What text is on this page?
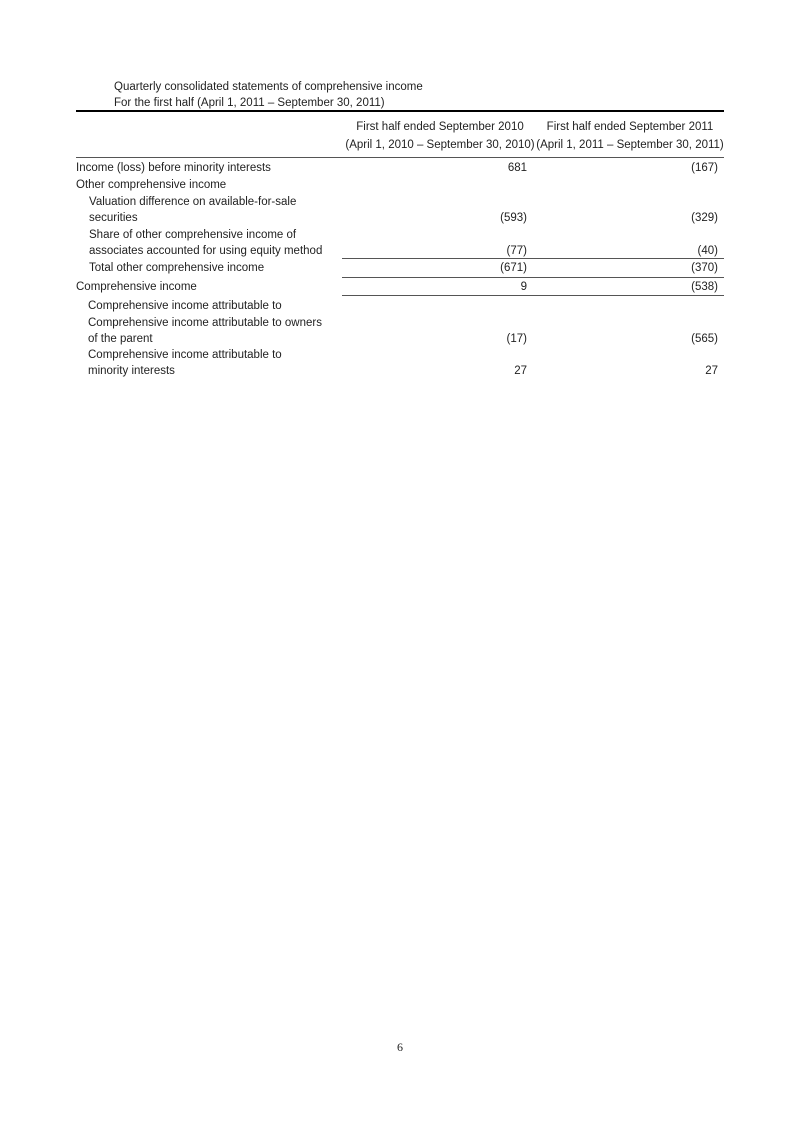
Quarterly consolidated statements of comprehensive income
For the first half (April 1, 2011 – September 30, 2011)
First half ended September 2010
(April 1, 2010 – September 30, 2010)
First half ended September 2011
(April 1, 2011 – September 30, 2011)
Income (loss) before minority interests	681	(167)
Other comprehensive income
Valuation difference on available-for-sale
securities	(593)	(329)
Share of other comprehensive income of
associates accounted for using equity method	(77)	(40)
Total other comprehensive income	(671)	(370)
Comprehensive income	9	(538)
Comprehensive income attributable to
Comprehensive income attributable to owners
of the parent	(17)	(565)
Comprehensive income attributable to
minority interests	27	27
6
